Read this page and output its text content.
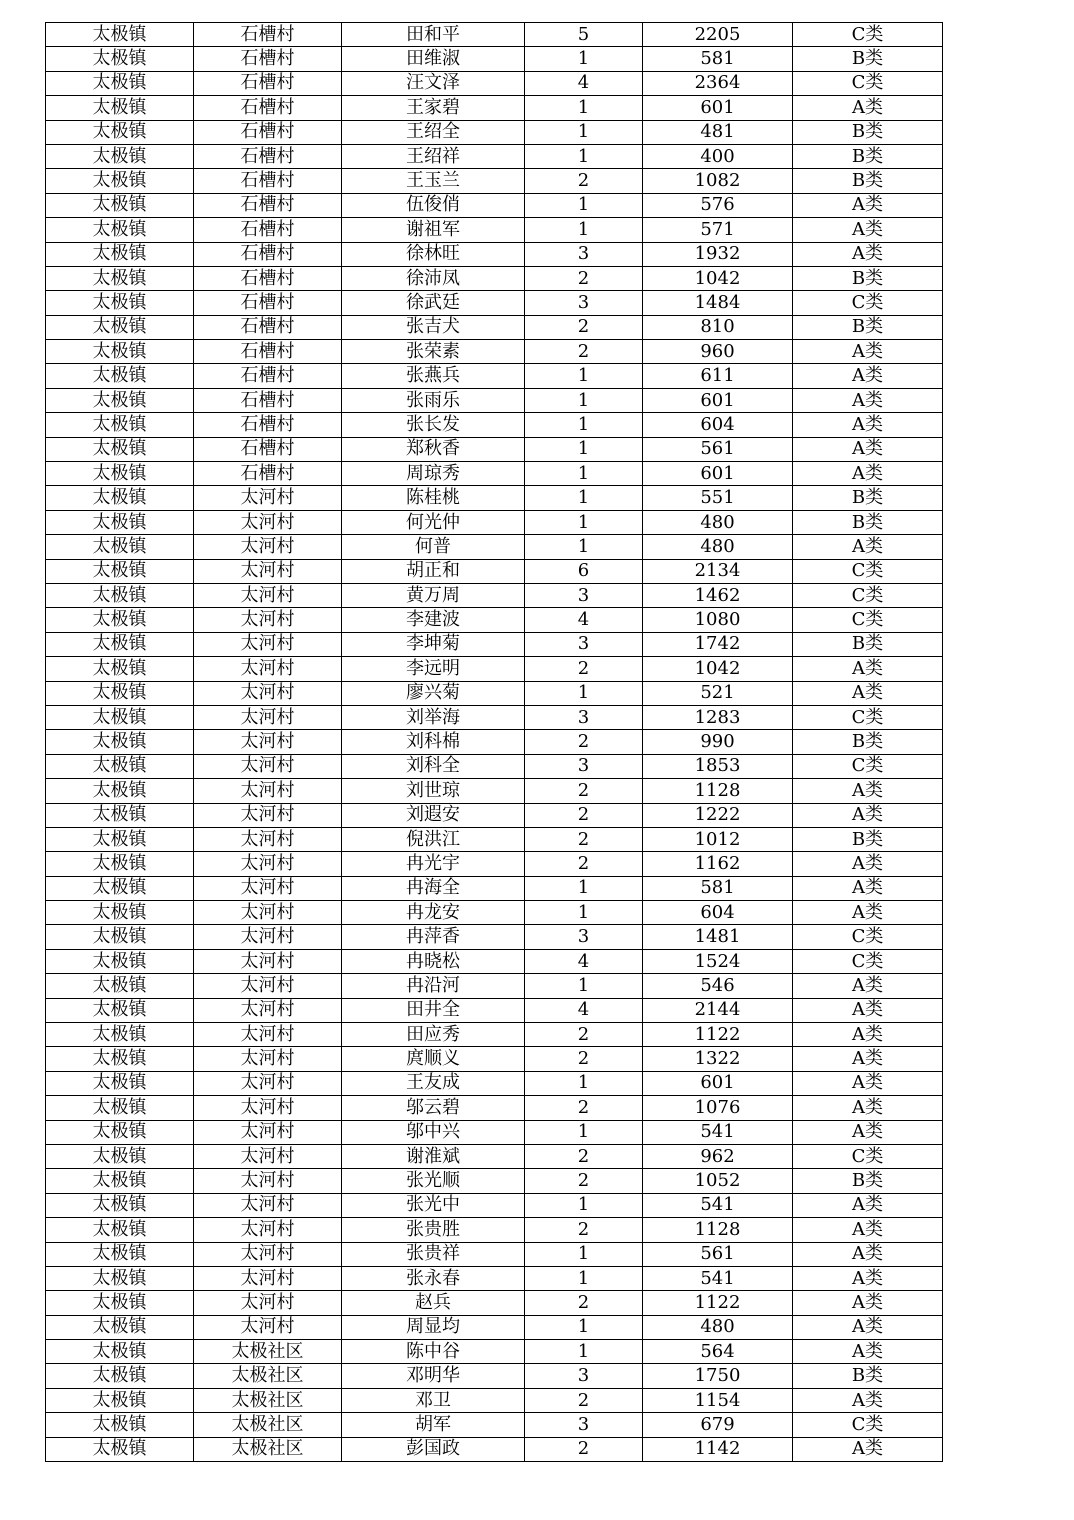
太极镇	石槽村	田和平	5	2205	C类
太极镇	石槽村	田维淑	1	581	B类
太极镇	石槽村	汪文泽	4	2364	C类
太极镇	石槽村	王家碧	1	601	A类
太极镇	石槽村	王绍全	1	481	B类
太极镇	石槽村	王绍祥	1	400	B类
太极镇	石槽村	王玉兰	2	1082	B类
太极镇	石槽村	伍俊俏	1	576	A类
太极镇	石槽村	谢祖军	1	571	A类
太极镇	石槽村	徐林旺	3	1932	A类
太极镇	石槽村	徐沛凤	2	1042	B类
太极镇	石槽村	徐武廷	3	1484	C类
太极镇	石槽村	张吉犬	2	810	B类
太极镇	石槽村	张荣素	2	960	A类
太极镇	石槽村	张燕兵	1	611	A类
太极镇	石槽村	张雨乐	1	601	A类
太极镇	石槽村	张长发	1	604	A类
太极镇	石槽村	郑秋香	1	561	A类
太极镇	石槽村	周琼秀	1	601	A类
太极镇	太河村	陈桂桃	1	551	B类
太极镇	太河村	何光仲	1	480	B类
太极镇	太河村	何普	1	480	A类
太极镇	太河村	胡正和	6	2134	C类
太极镇	太河村	黄万周	3	1462	C类
太极镇	太河村	李建波	4	1080	C类
太极镇	太河村	李坤菊	3	1742	B类
太极镇	太河村	李远明	2	1042	A类
太极镇	太河村	廖兴菊	1	521	A类
太极镇	太河村	刘举海	3	1283	C类
太极镇	太河村	刘科棉	2	990	B类
太极镇	太河村	刘科全	3	1853	C类
太极镇	太河村	刘世琼	2	1128	A类
太极镇	太河村	刘遐安	2	1222	A类
太极镇	太河村	倪洪江	2	1012	B类
太极镇	太河村	冉光宇	2	1162	A类
太极镇	太河村	冉海全	1	581	A类
太极镇	太河村	冉龙安	1	604	A类
太极镇	太河村	冉萍香	3	1481	C类
太极镇	太河村	冉晓松	4	1524	C类
太极镇	太河村	冉沿河	1	546	A类
太极镇	太河村	田井全	4	2144	A类
太极镇	太河村	田应秀	2	1122	A类
太极镇	太河村	庹顺义	2	1322	A类
太极镇	太河村	王友成	1	601	A类
太极镇	太河村	邬云碧	2	1076	A类
太极镇	太河村	邬中兴	1	541	A类
太极镇	太河村	谢淮斌	2	962	C类
太极镇	太河村	张光顺	2	1052	B类
太极镇	太河村	张光中	1	541	A类
太极镇	太河村	张贵胜	2	1128	A类
太极镇	太河村	张贵祥	1	561	A类
太极镇	太河村	张永春	1	541	A类
太极镇	太河村	赵兵	2	1122	A类
太极镇	太河村	周显均	1	480	A类
太极镇	太极社区	陈中谷	1	564	A类
太极镇	太极社区	邓明华	3	1750	B类
太极镇	太极社区	邓卫	2	1154	A类
太极镇	太极社区	胡军	3	679	C类
太极镇	太极社区	彭国政	2	1142	A类
